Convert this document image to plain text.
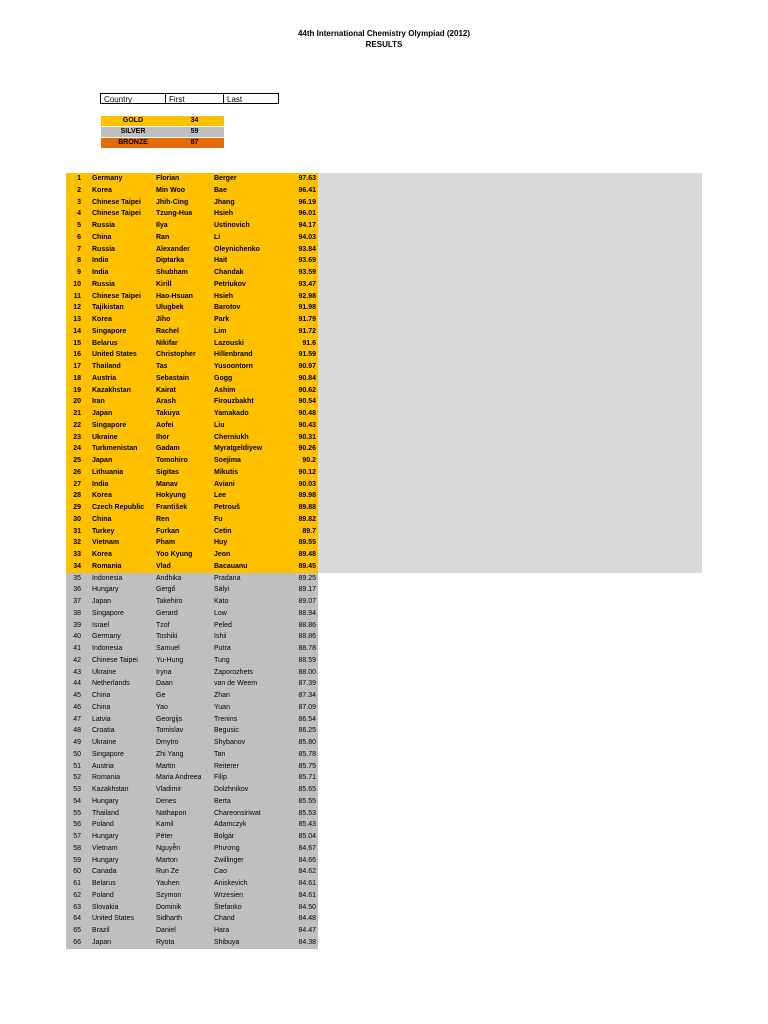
44th International Chemistry Olympiad (2012)
RESULTS
Country	First	Last
GOLD	34
SILVER	59
BRONZE	87
1	Germany	Florian	Berger	97.63
2	Korea	Min Woo	Bae	96.41
3	Chinese Taipei	Jhih-Cing	Jhang	96.19
4	Chinese Taipei	Tzung-Hua	Hsieh	96.01
5	Russia	Ilya	Ustinovich	94.17
6	China	Ran	Li	94.03
7	Russia	Alexander	Oleynichenko	93.84
8	India	Diptarka	Hait	93.69
9	India	Shubham	Chandak	93.59
10	Russia	Kirill	Petriukov	93.47
11	Chinese Taipei	Hao-Hsuan	Hsieh	92.98
12	Tajikistan	Ulugbek	Barotov	91.98
13	Korea	Jiho	Park	91.79
14	Singapore	Rachel	Lim	91.72
15	Belarus	Nikifar	Lazouski	91.6
16	United States	Christopher	Hillenbrand	91.59
17	Thailand	Tas	Yusoontorn	90.97
18	Austria	Sebastain	Gogg	90.84
19	Kazakhstan	Kairat	Ashim	90.62
20	Iran	Arash	Firouzbakht	90.54
21	Japan	Takuya	Yamakado	90.48
22	Singapore	Aofei	Liu	90.43
23	Ukraine	Ihor	Cherniukh	90.31
24	Turkmenistan	Gadam	Myratgeldiyew	90.26
25	Japan	Tomohiro	Soejima	90.2
26	Lithuania	Sigitas	Mikutis	90.12
27	India	Manav	Aviani	90.03
28	Korea	Hokyung	Lee	89.98
29	Czech Republic	František	Petrouš	89.88
30	China	Ren	Fu	89.82
31	Turkey	Furkan	Cetin	89.7
32	Vietnam	Pham	Huy	89.55
33	Korea	Yoo Kyung	Jeon	89.48
34	Romania	Vlad	Bacauanu	89.45
35	Indonesia	Andhika	Pradana	89.25
36	Hungary	Gergő	Sályi	89.17
37	Japan	Takehiro	Kato	89.07
38	Singapore	Gerard	Low	88.94
39	Israel	Tzof	Peled	88.86
40	Germany	Toshiki	Ishii	88.86
41	Indonesia	Samuel	Putra	88.78
42	Chinese Taipei	Yu-Hung	Tung	88.59
43	Ukraine	Iryna	Zaporozhets	88.00
44	Netherlands	Daan	van de Weem	87.39
45	China	Ge	Zhan	87.34
46	China	Yao	Yuan	87.09
47	Latvia	Georgijs	Trenins	86.54
48	Croatia	Tomislav	Begusic	86.25
49	Ukraine	Dmytro	Shybanov	85.80
50	Singapore	Zhi Yang	Tan	85.78
51	Austria	Martin	Reiterer	85.75
52	Romania	Maria Andreea	Filip	85.71
53	Kazakhstan	Vladimir	Dolzhnikov	85.65
54	Hungary	Denes	Berta	85.55
55	Thailand	Nathapon	Chareonsiriwat	85.53
56	Poland	Kamil	Adamczyk	85.43
57	Hungary	Péter	Bolgár	85.04
58	Vietnam	Nguyễn	Phương	84.67
59	Hungary	Marton	Zwillinger	84.66
60	Canada	Run Ze	Cao	84.62
61	Belarus	Yauhen	Aniskevich	84.61
62	Poland	Szymon	Wrzesien	84.61
63	Slovakia	Dominik	Štefanko	84.50
64	United States	Sidharth	Chand	84.48
65	Brazil	Daniel	Hara	84.47
66	Japan	Ryota	Shibuya	84.38
